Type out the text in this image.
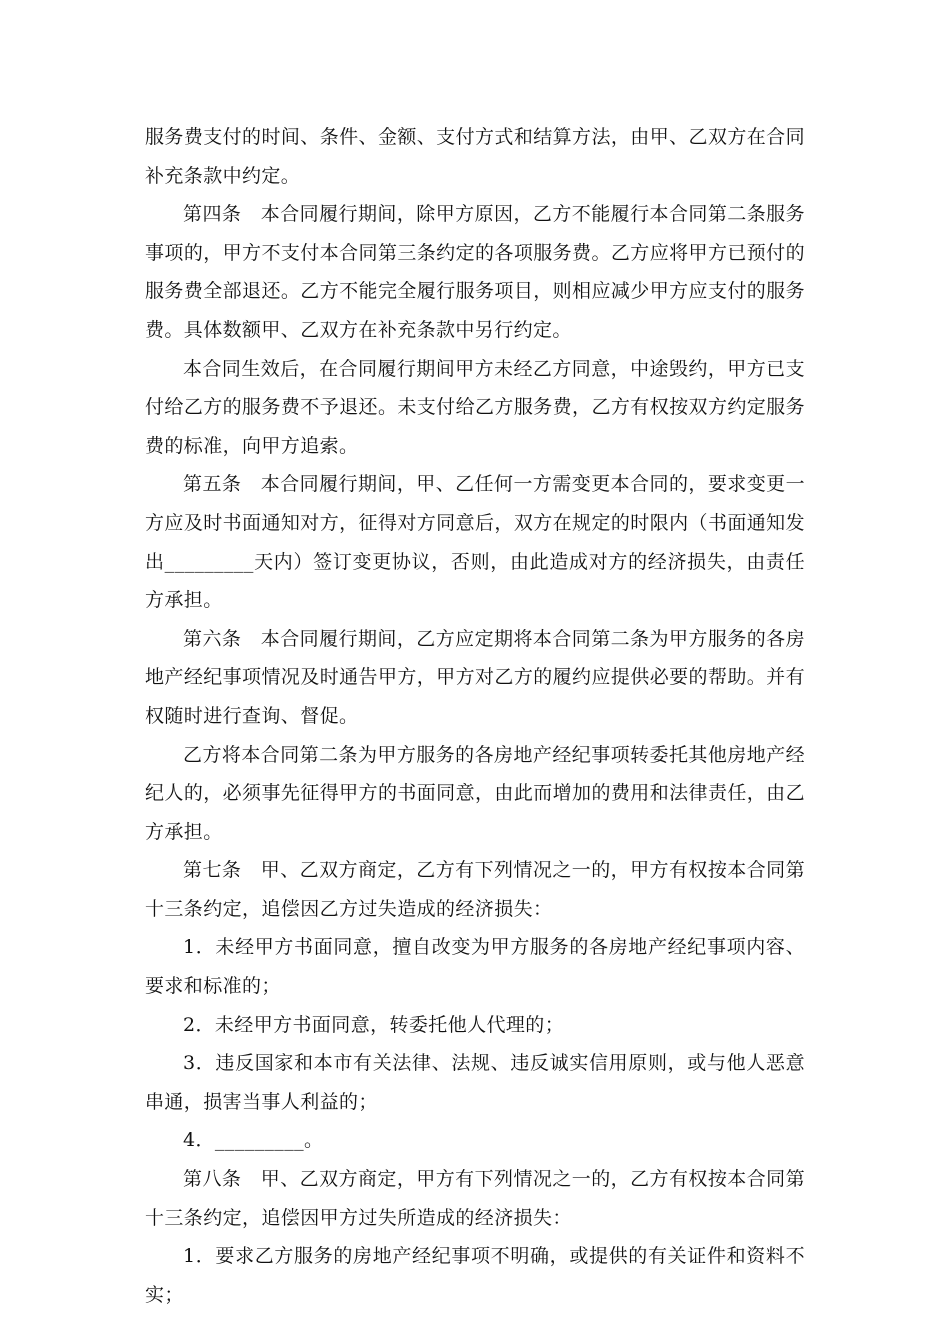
服务费支付的时间、条件、金额、支付方式和结算方法，由甲、乙双方在合同补充条款中约定。

第四条　本合同履行期间，除甲方原因，乙方不能履行本合同第二条服务事项的，甲方不支付本合同第三条约定的各项服务费。乙方应将甲方已预付的服务费全部退还。乙方不能完全履行服务项目，则相应减少甲方应支付的服务费。具体数额甲、乙双方在补充条款中另行约定。

本合同生效后，在合同履行期间甲方未经乙方同意，中途毁约，甲方已支付给乙方的服务费不予退还。未支付给乙方服务费，乙方有权按双方约定服务费的标准，向甲方追索。

第五条　本合同履行期间，甲、乙任何一方需变更本合同的，要求变更一方应及时书面通知对方，征得对方同意后，双方在规定的时限内（书面通知发出_________天内）签订变更协议，否则，由此造成对方的经济损失，由责任方承担。

第六条　本合同履行期间，乙方应定期将本合同第二条为甲方服务的各房地产经纪事项情况及时通告甲方，甲方对乙方的履约应提供必要的帮助。并有权随时进行查询、督促。

乙方将本合同第二条为甲方服务的各房地产经纪事项转委托其他房地产经纪人的，必须事先征得甲方的书面同意，由此而增加的费用和法律责任，由乙方承担。

第七条　甲、乙双方商定，乙方有下列情况之一的，甲方有权按本合同第十三条约定，追偿因乙方过失造成的经济损失：

1．未经甲方书面同意，擅自改变为甲方服务的各房地产经纪事项内容、要求和标准的；

2．未经甲方书面同意，转委托他人代理的；

3．违反国家和本市有关法律、法规、违反诚实信用原则，或与他人恶意串通，损害当事人利益的；

4．_________。

第八条　甲、乙双方商定，甲方有下列情况之一的，乙方有权按本合同第十三条约定，追偿因甲方过失所造成的经济损失：

1．要求乙方服务的房地产经纪事项不明确，或提供的有关证件和资料不实；
